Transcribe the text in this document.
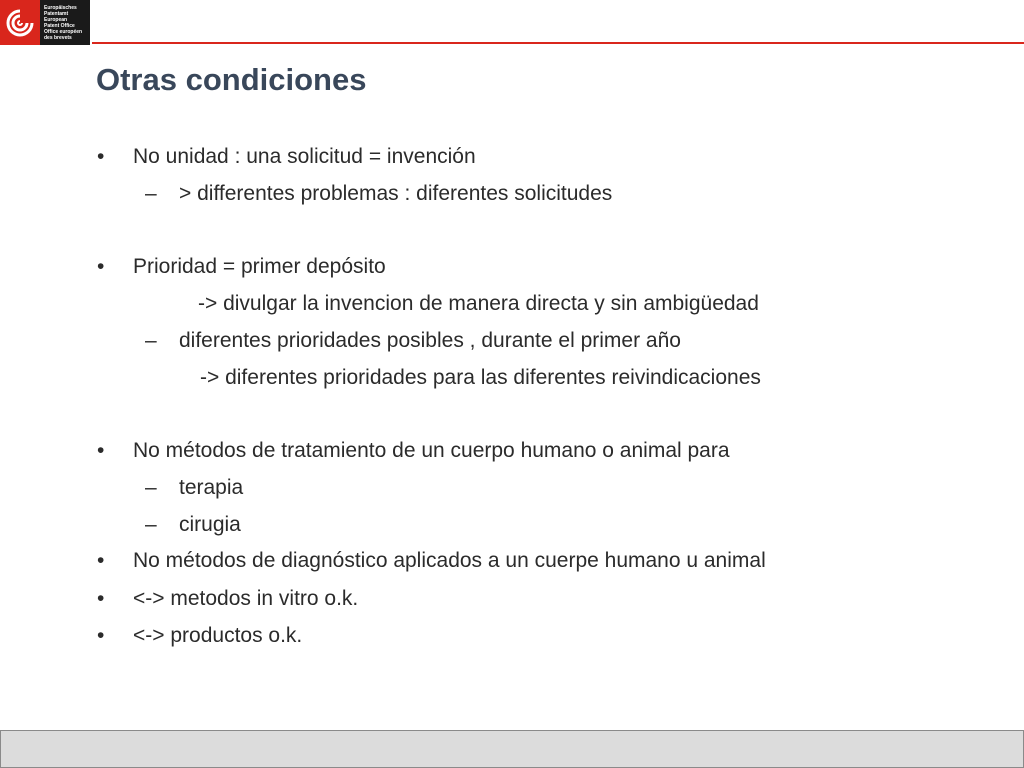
Europäisches
Patentamt
European
Patent Office
Office européen
des brevets
Otras condiciones
• No unidad : una solicitud = invención
– > differentes problemas : diferentes solicitudes
• Prioridad = primer depósito
-> divulgar la invencion de manera directa y sin ambigüedad
– diferentes prioridades posibles , durante el primer año
-> diferentes prioridades para las diferentes reivindicaciones
• No métodos de tratamiento de un cuerpo humano o animal para
– terapia
– cirugia
• No métodos de diagnóstico aplicados a un cuerpe humano u animal
• <-> metodos in vitro o.k.
• <-> productos o.k.
